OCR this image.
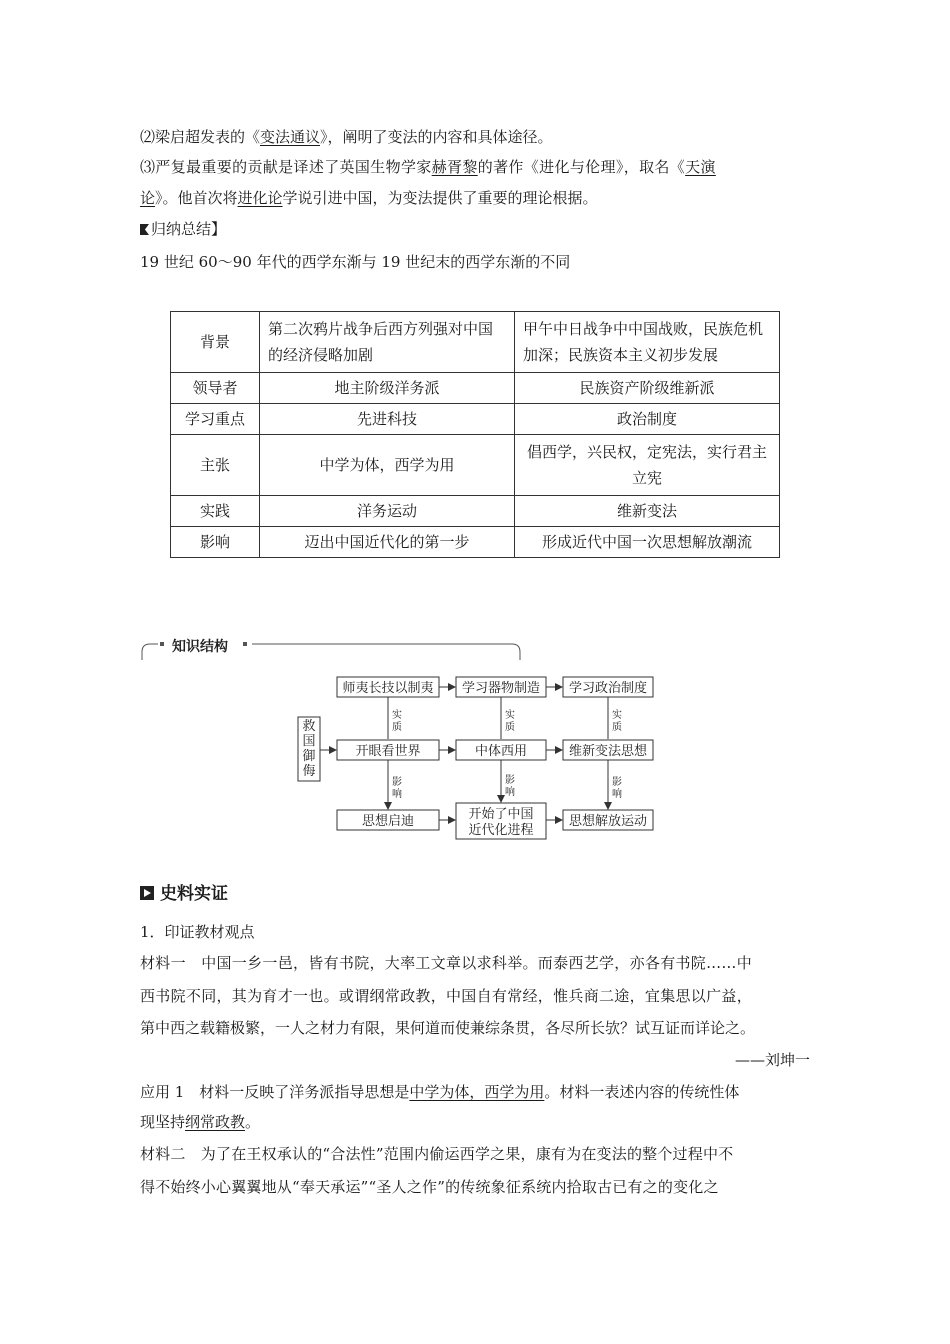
⑵梁启超发表的《变法通议》，阐明了变法的内容和具体途径。
⑶严复最重要的贡献是译述了英国生物学家赫胥黎的著作《进化与伦理》，取名《天演
论》。他首次将进化论学说引进中国，为变法提供了重要的理论根据。
归纳总结】
19 世纪 60～90 年代的西学东渐与 19 世纪末的西学东渐的不同
背景	第二次鸦片战争后西方列强对中国的经济侵略加剧	甲午中日战争中中国战败，民族危机加深；民族资本主义初步发展
领导者	地主阶级洋务派	民族资产阶级维新派
学习重点	先进科技	政治制度
主张	中学为体，西学为用	倡西学，兴民权，定宪法，实行君主立宪
实践	洋务运动	维新变法
影响	迈出中国近代化的第一步	形成近代中国一次思想解放潮流
知识结构
救
国
御
侮
师夷长技以制夷 学习器物制造 学习政治制度
开眼看世界	中体西用	维新变法思想
思想启迪	开始了中国
近代化进程
思想解放运动
实
质
实
质
实
质
影
响
影
响
影
响
史料实证
1．印证教材观点
材料一　中国一乡一邑，皆有书院，大率工文章以求科举。而泰西艺学，亦各有书院……中
西书院不同，其为育才一也。或谓纲常政教，中国自有常经，惟兵商二途，宜集思以广益，
第中西之载籍极繁，一人之材力有限，果何道而使兼综条贯，各尽所长欤？试互证而详论之。
——刘坤一
应用 1　材料一反映了洋务派指导思想是中学为体，西学为用。材料一表述内容的传统性体
现坚持纲常政教。
材料二　为了在王权承认的“合法性”范围内偷运西学之果，康有为在变法的整个过程中不
得不始终小心翼翼地从“奉天承运”“圣人之作”的传统象征系统内拾取古已有之的变化之
